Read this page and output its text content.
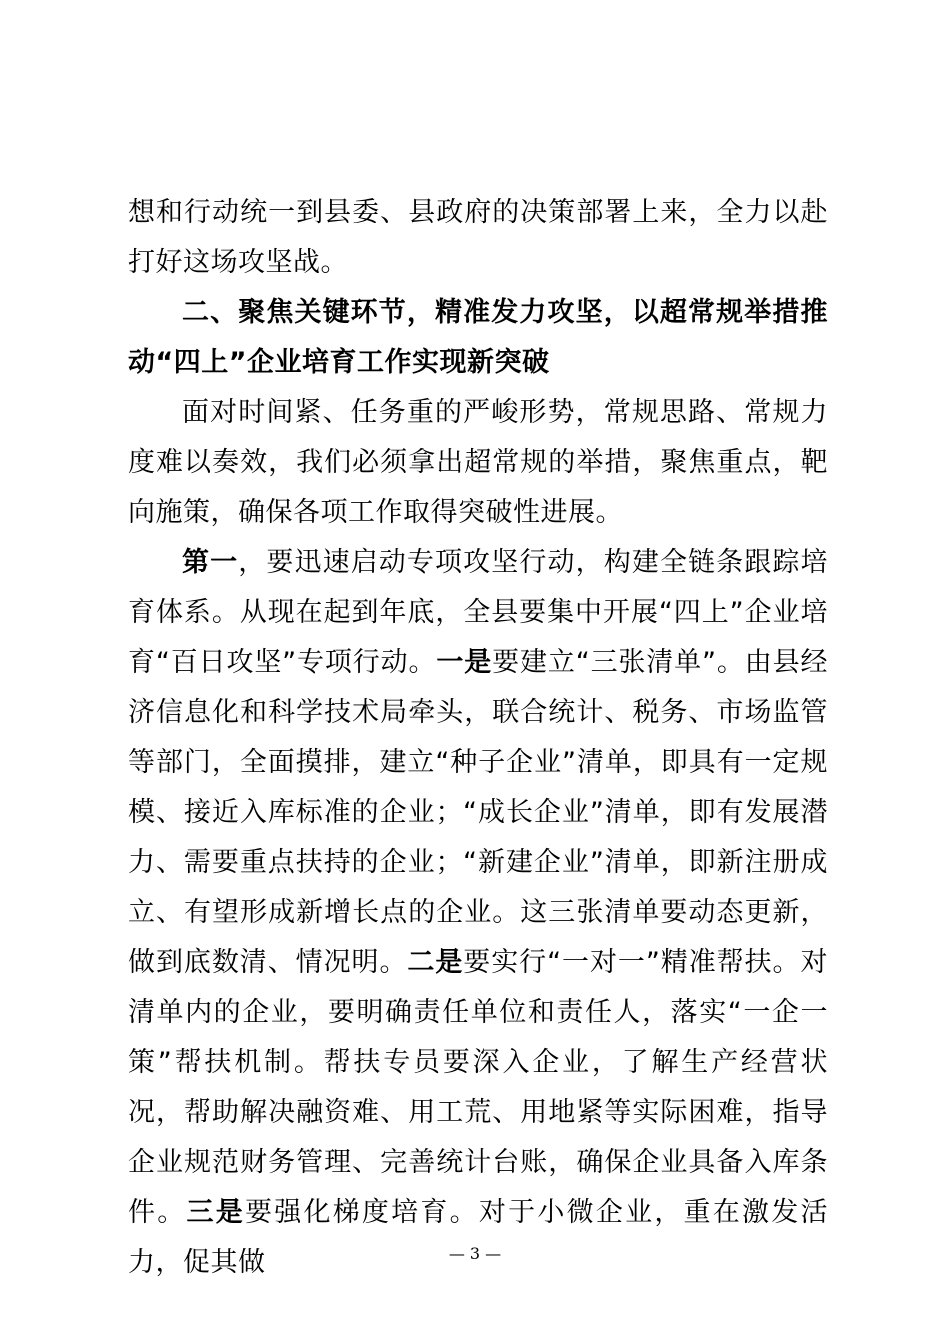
想和行动统一到县委、县政府的决策部署上来，全力以赴打好这场攻坚战。

二、聚焦关键环节，精准发力攻坚，以超常规举措推动“四上”企业培育工作实现新突破

面对时间紧、任务重的严峻形势，常规思路、常规力度难以奏效，我们必须拿出超常规的举措，聚焦重点，靶向施策，确保各项工作取得突破性进展。

第一，要迅速启动专项攻坚行动，构建全链条跟踪培育体系。从现在起到年底，全县要集中开展“四上”企业培育“百日攻坚”专项行动。一是要建立“三张清单”。由县经济信息化和科学技术局牵头，联合统计、税务、市场监管等部门，全面摸排，建立“种子企业”清单，即具有一定规模、接近入库标准的企业；“成长企业”清单，即有发展潜力、需要重点扶持的企业；“新建企业”清单，即新注册成立、有望形成新增长点的企业。这三张清单要动态更新，做到底数清、情况明。二是要实行“一对一”精准帮扶。对清单内的企业，要明确责任单位和责任人，落实“一企一策”帮扶机制。帮扶专员要深入企业，了解生产经营状况，帮助解决融资难、用工荒、用地紧等实际困难，指导企业规范财务管理、完善统计台账，确保企业具备入库条件。三是要强化梯度培育。对于小微企业，重在激发活力，促其做	— 3 —
